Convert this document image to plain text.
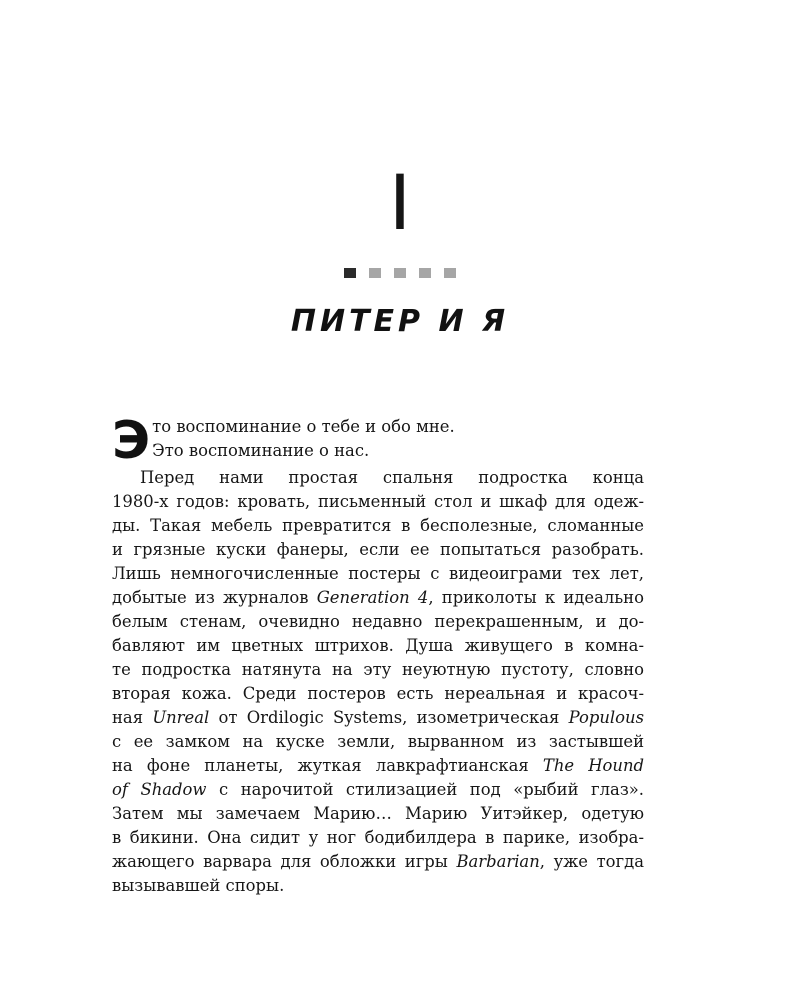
I
ПИТЕР И Я
Э то воспоминание о тебе и обо мне.
Это воспоминание о нас.
Перед нами простая спальня подростка конца
1980-х годов: кровать, письменный стол и шкаф для одеж-
ды. Такая мебель превратится в бесполезные, сломанные
и грязные куски фанеры, если ее попытаться разобрать.
Лишь немногочисленные постеры с видеоиграми тех лет,
добытые из журналов Generation 4, приколоты к идеально
белым стенам, очевидно недавно перекрашенным, и до-
бавляют им цветных штрихов. Душа живущего в комна-
те подростка натянута на эту неуютную пустоту, словно
вторая кожа. Среди постеров есть нереальная и красоч-
ная Unreal от Ordilogic Systems, изометрическая Populous
с ее замком на куске земли, вырванном из застывшей
на фоне планеты, жуткая лавкрафтианская The Hound
of Shadow с нарочитой стилизацией под «рыбий глаз».
Затем мы замечаем Марию… Марию Уитэйкер, одетую
в бикини. Она сидит у ног бодибилдера в парике, изобра-
жающего варвара для обложки игры Barbarian, уже тогда
вызывавшей споры.
